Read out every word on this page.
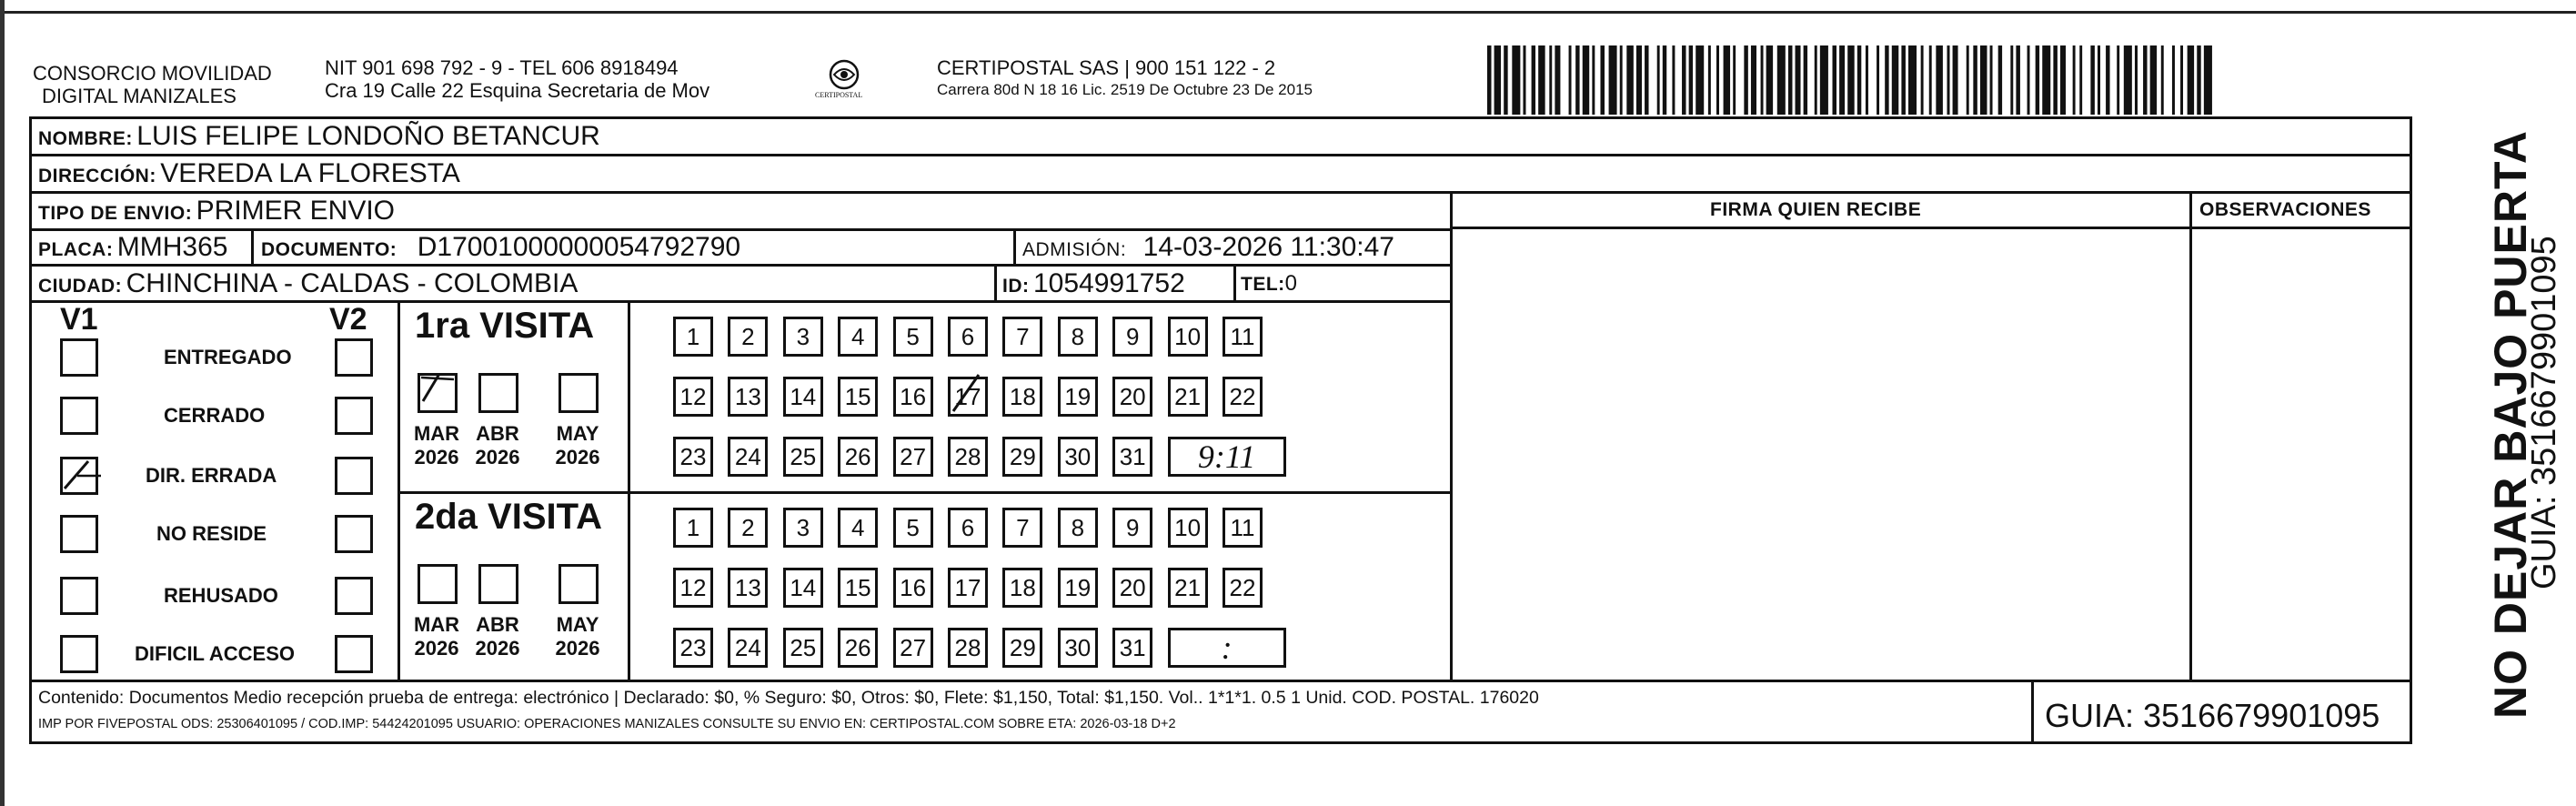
CONSORCIO MOVILIDAD
DIGITAL MANIZALES
NIT 901 698 792 - 9 - TEL 606 8918494
Cra 19 Calle 22 Esquina Secretaria de Mov	CERTIPOSTAL
CERTIPOSTAL SAS | 900 151 122 - 2
Carrera 80d N 18 16 Lic. 2519 De Octubre 23 De 2015
NOMBRE: LUIS FELIPE LONDOÑO BETANCUR
DIRECCIÓN: VEREDA LA FLORESTA
TIPO DE ENVIO: PRIMER ENVIO	FIRMA QUIEN RECIBE	OBSERVACIONES
PLACA: MMH365 DOCUMENTO: D17001000000054792790	ADMISIÓN: 14-03-2026 11:30:47
CIUDAD: CHINCHINA - CALDAS - COLOMBIA	ID: 1054991752	TEL:0
V1	V2
ENTREGADO
CERRADO
DIR. ERRADA
NO RESIDE
REHUSADO
DIFICIL ACCESO
1ra VISITA
MAR
2026
ABR
2026
MAY
2026
1	2	3	4	5	6	7	8	9	10	11
12 13 14 15 16 17 18 19 20 21 22
23 24 25 26 27 28 29 30 31	9:11
2da VISITA
MAR
2026
ABR
2026
MAY
2026
1	2	3	4	5	6	7	8	9	10	11
12 13 14 15 16 17 18 19 20 21 22
23 24 25 26 27 28 29 30 31	:
Contenido: Documentos Medio recepción prueba de entrega: electrónico | Declarado: $0, % Seguro: $0, Otros: $0, Flete: $1,150, Total: $1,150. Vol.. 1*1*1. 0.5 1 Unid. COD. POSTAL. 176020
IMP POR FIVEPOSTAL ODS: 25306401095 / COD.IMP: 54424201095 USUARIO: OPERACIONES MANIZALES CONSULTE SU ENVIO EN: CERTIPOSTAL.COM SOBRE ETA: 2026-03-18 D+2	GUIA: 3516679901095 NO DEJAR BAJO PUERTA
GUIA: 3516679901095
